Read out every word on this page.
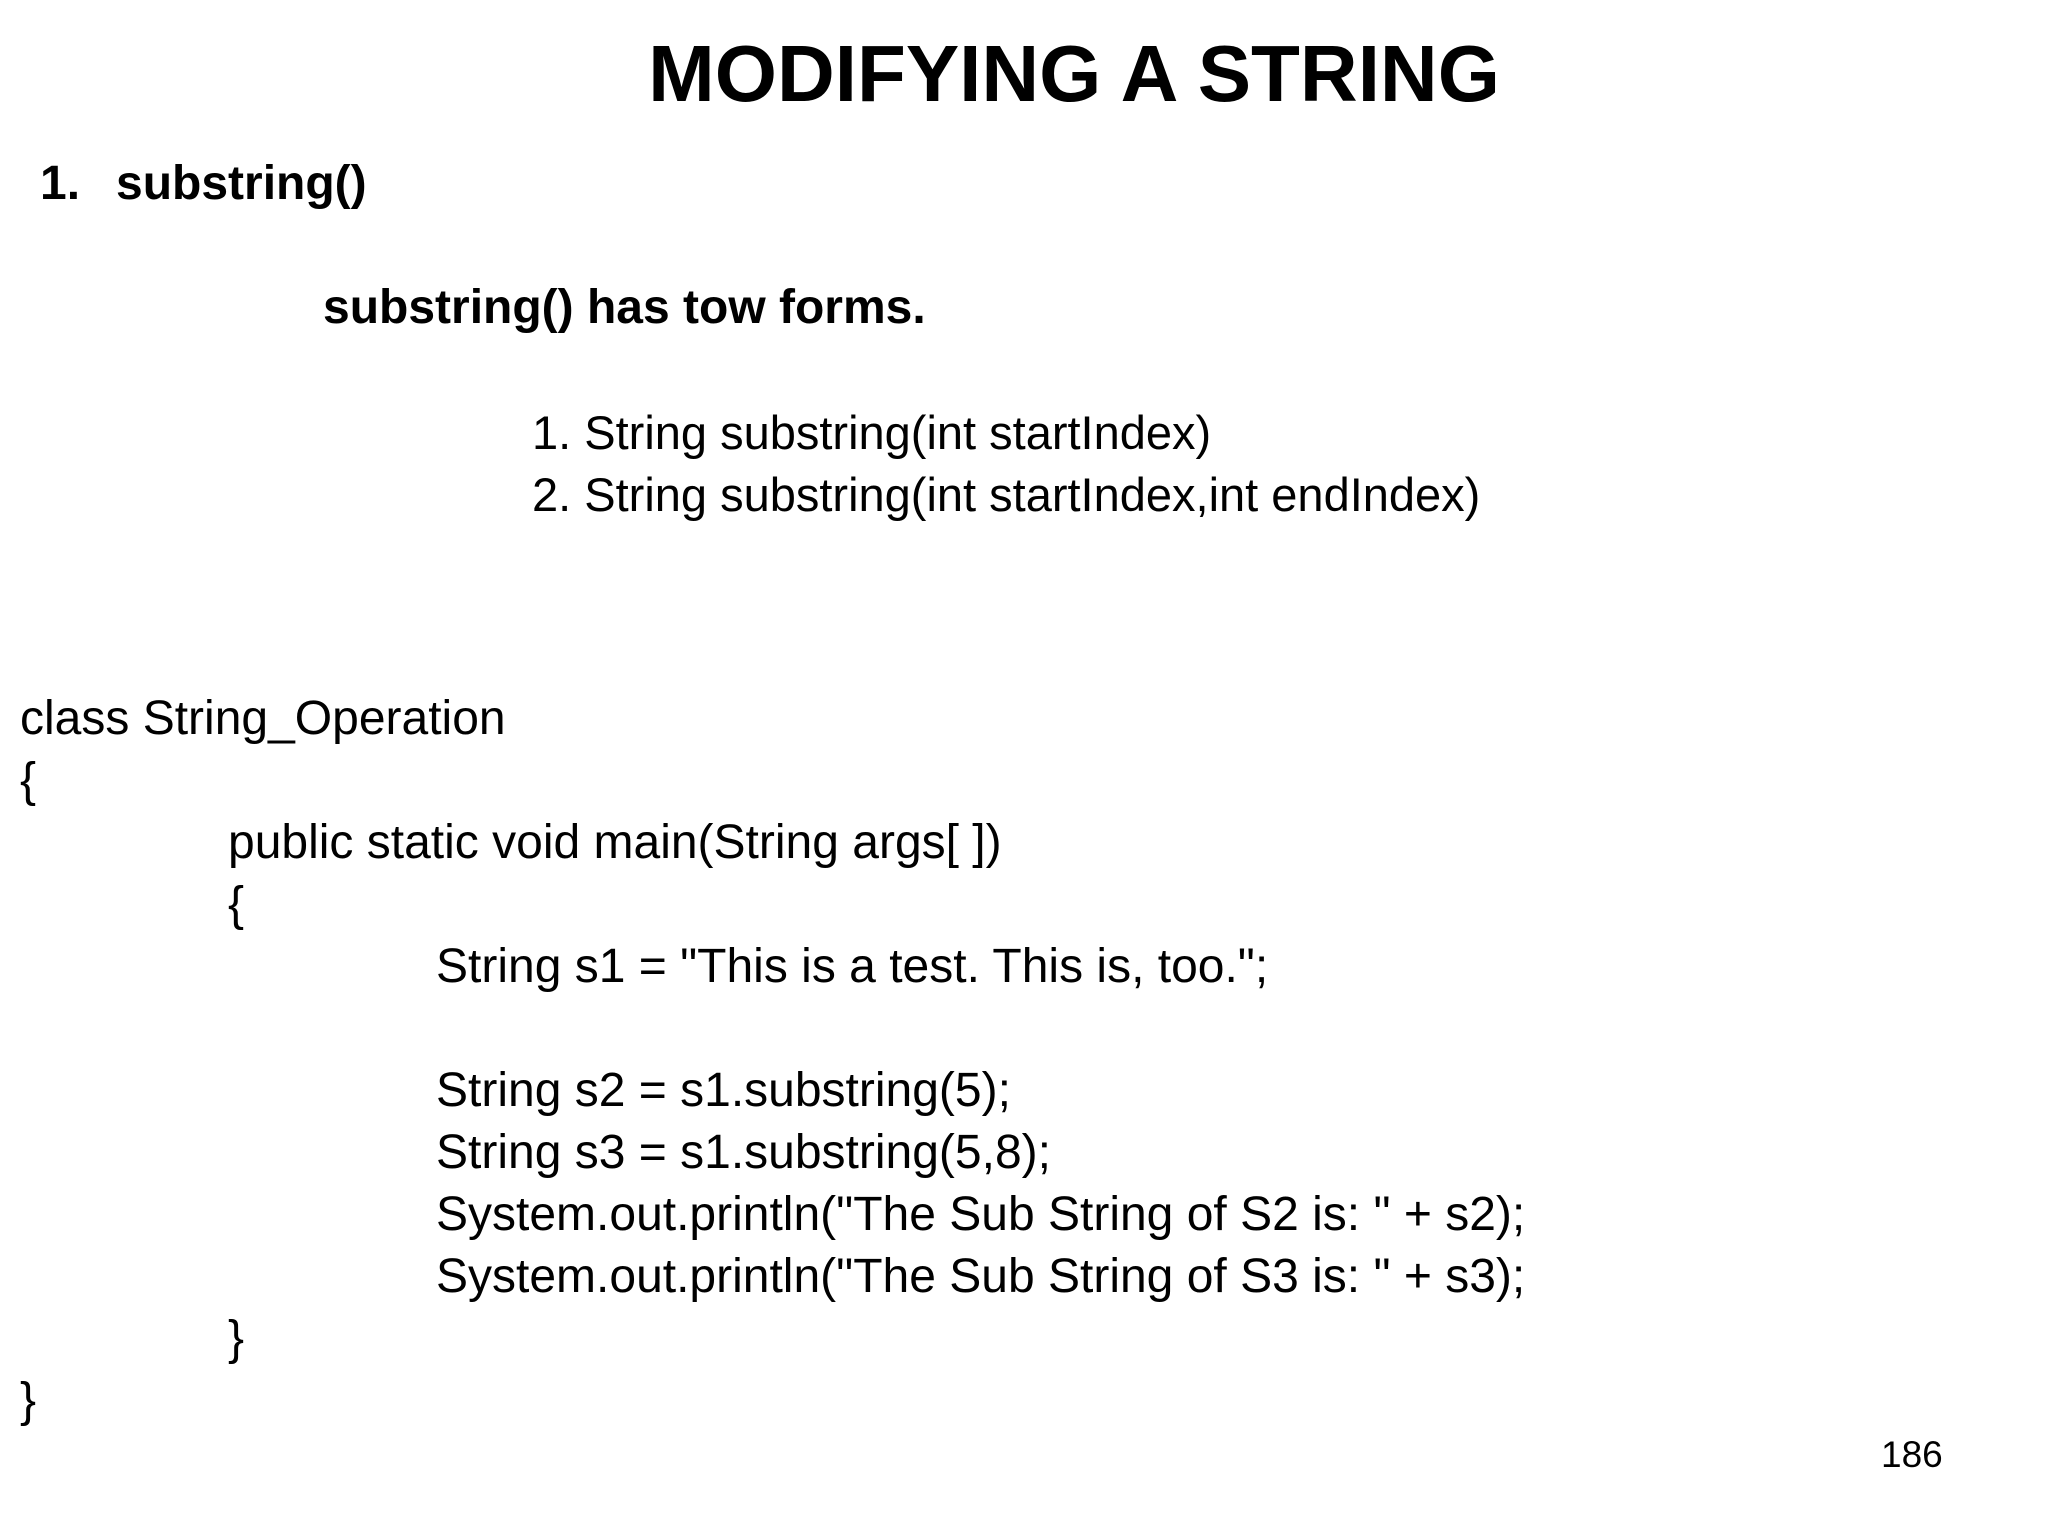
MODIFYING A STRING
1. substring()
substring() has tow forms.
1. String substring(int startIndex)
2. String substring(int startIndex,int endIndex)
class String_Operation
{
public static void main(String args[ ])
{
String s1 = "This is a test. This is, too.";
String s2 = s1.substring(5);
String s3 = s1.substring(5,8);
System.out.println("The Sub String of S2 is: " + s2);
System.out.println("The Sub String of S3 is: " + s3);
}
}
186
